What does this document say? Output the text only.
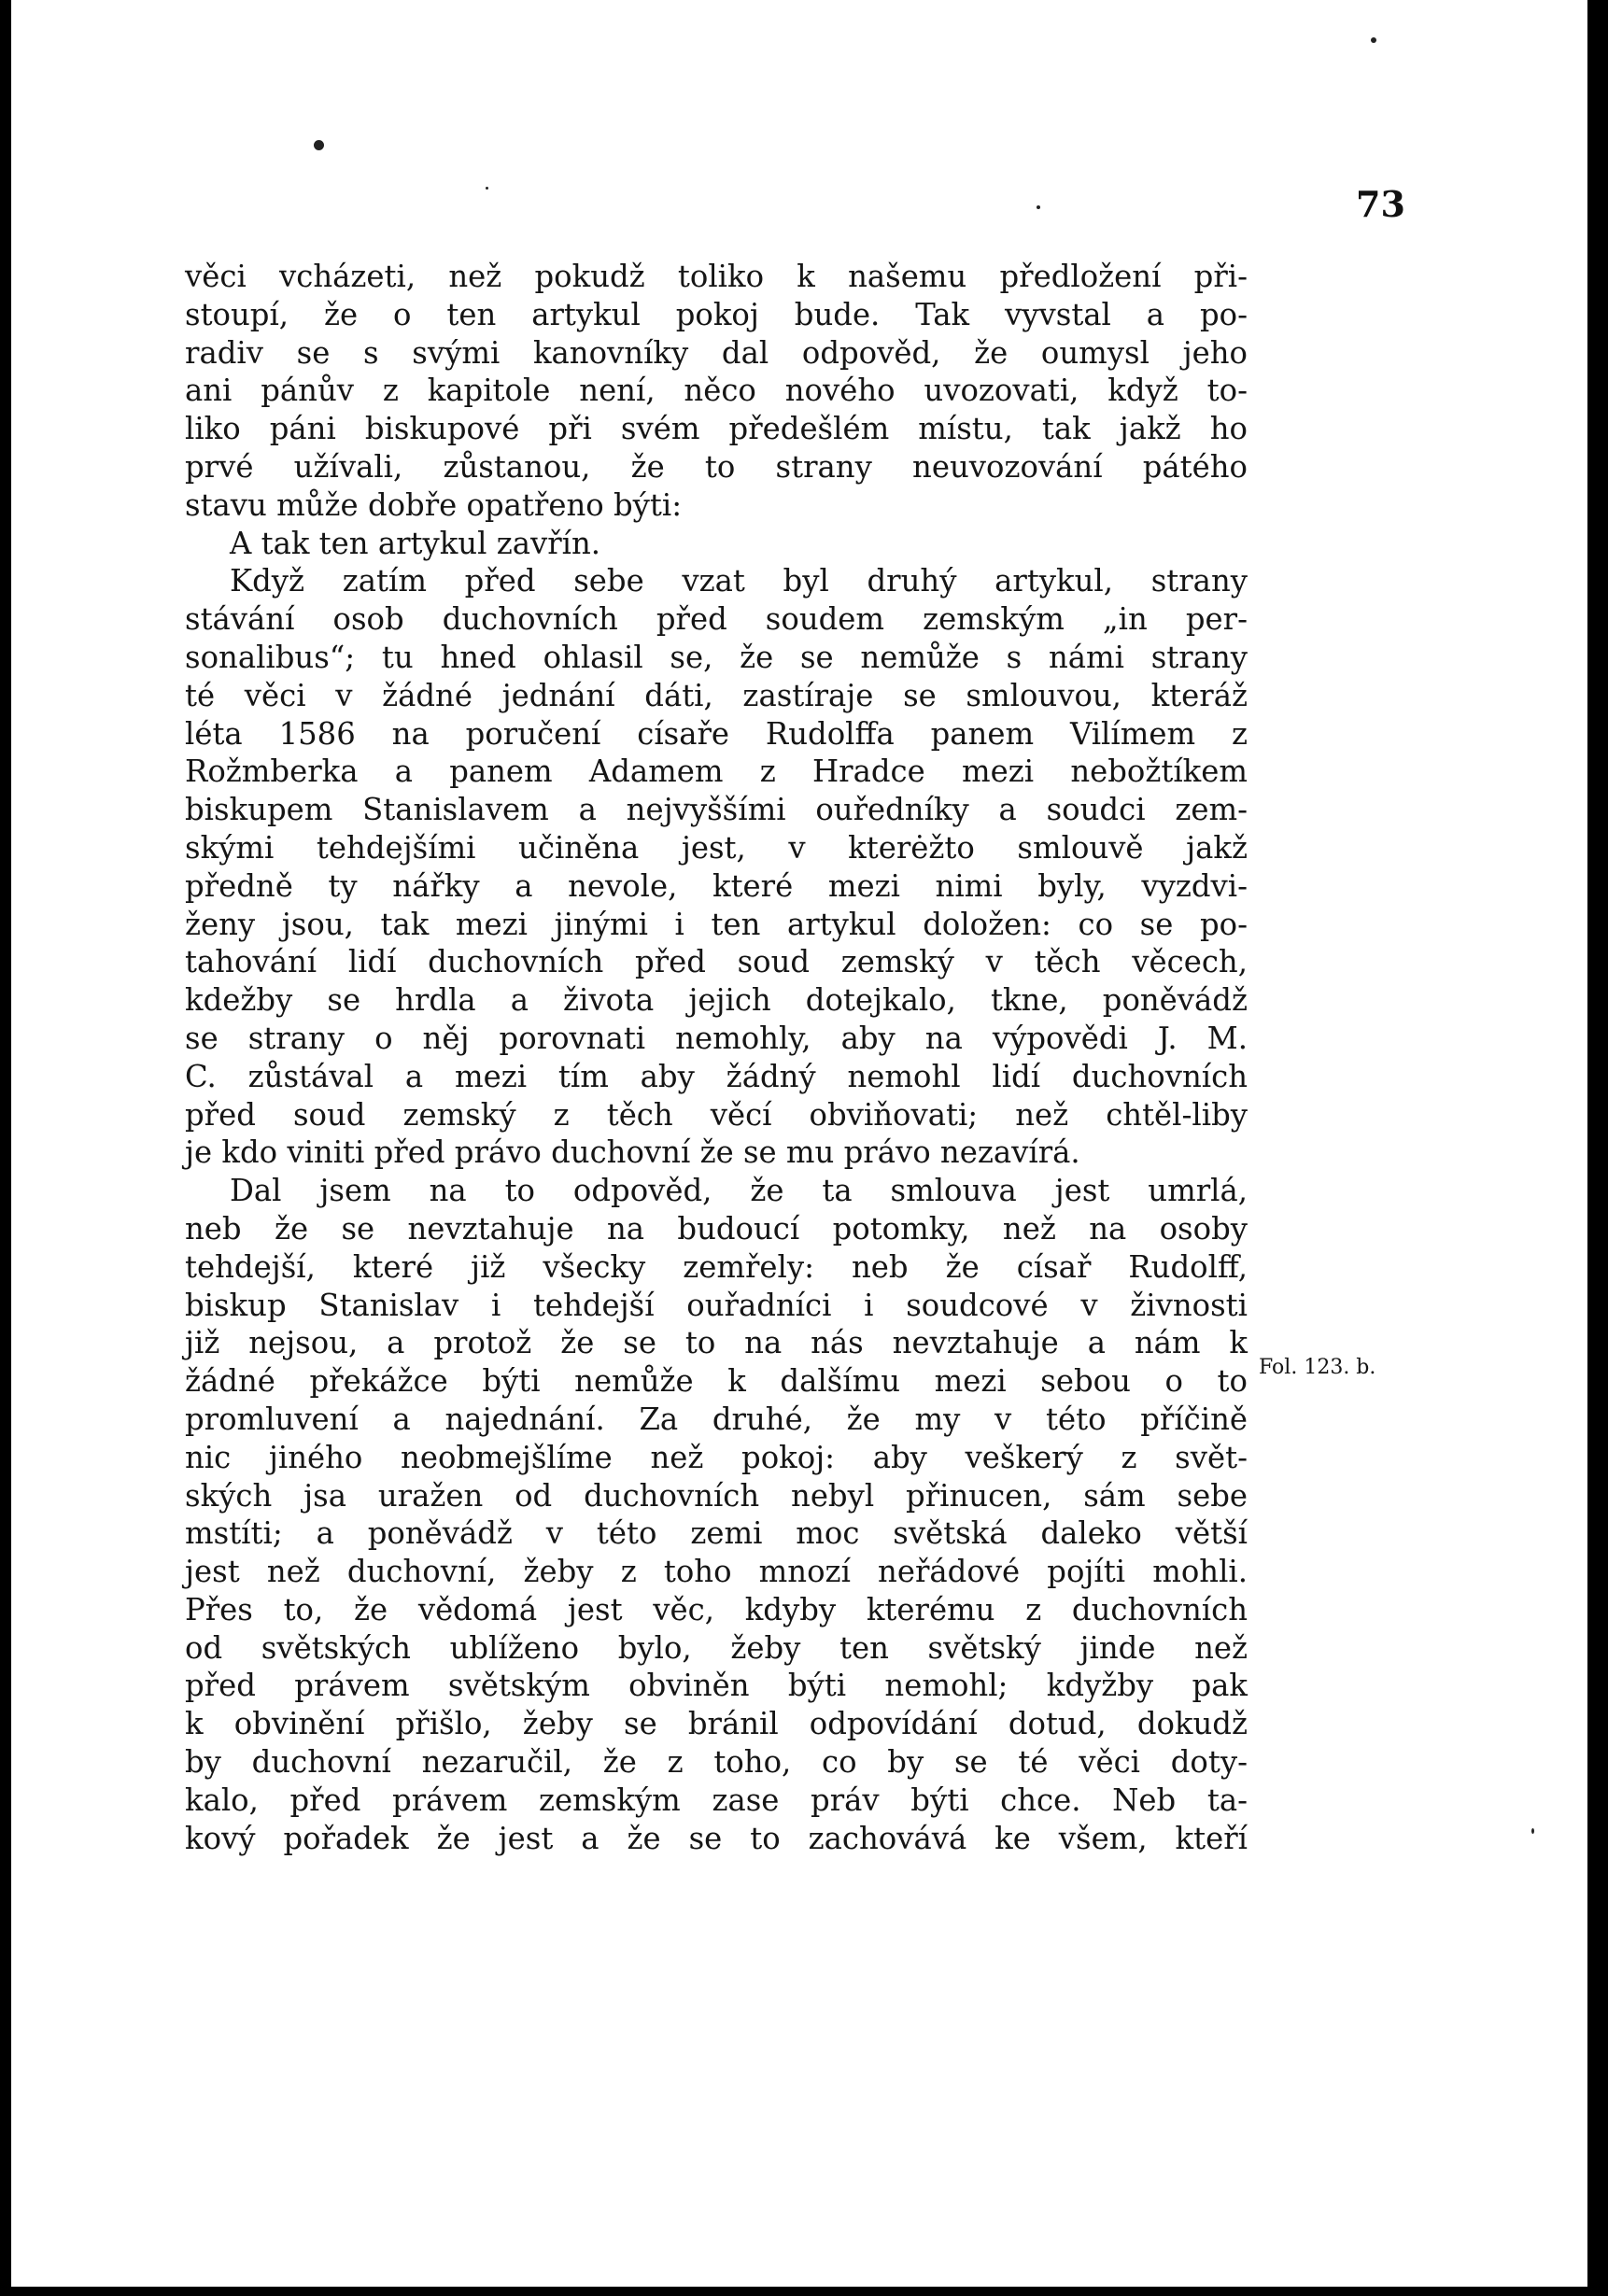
73
věci vcházeti, než pokudž toliko k našemu předložení při-
stoupí, že o ten artykul pokoj bude. Tak vyvstal a po-
radiv se s svými kanovníky dal odpověd, že oumysl jeho
ani pánův z kapitole není, něco nového uvozovati, když to-
liko páni biskupové při svém předešlém místu, tak jakž ho
prvé užívali, zůstanou, že to strany neuvozování pátého
stavu může dobře opatřeno býti:
A tak ten artykul zavřín.
Když zatím před sebe vzat byl druhý artykul, strany
stávání osob duchovních před soudem zemským „in per-
sonalibus“; tu hned ohlasil se, že se nemůže s námi strany
té věci v žádné jednání dáti, zastíraje se smlouvou, kteráž
léta 1586 na poručení císaře Rudolffa panem Vilímem z
Rožmberka a panem Adamem z Hradce mezi nebožtíkem
biskupem Stanislavem a nejvyššími ouředníky a soudci zem-
skými tehdejšími učiněna jest, v kterėžto smlouvě jakž
předně ty nářky a nevole, které mezi nimi byly, vyzdvi-
ženy jsou, tak mezi jinými i ten artykul doložen: co se po-
tahování lidí duchovních před soud zemský v těch věcech,
kdežby se hrdla a života jejich dotejkalo, tkne, poněvádž
se strany o něj porovnati nemohly, aby na výpovědi J. M.
C. zůstával a mezi tím aby žádný nemohl lidí duchovních
před soud zemský z těch věcí obviňovati; než chtěl-liby
je kdo viniti před právo duchovní že se mu právo nezavírá.
Dal jsem na to odpověd, že ta smlouva jest umrlá,
neb že se nevztahuje na budoucí potomky, než na osoby
tehdejší, které již všecky zemřely: neb že císař Rudolff,
biskup Stanislav i tehdejší ouřadníci i soudcové v živnosti
již nejsou, a protož že se to na nás nevztahuje a nám k
žádné překážce býti nemůže k dalšímu mezi sebou o to
promluvení a najednání. Za druhé, že my v této příčině
nic jiného neobmejšlíme než pokoj: aby veškerý z svět-
ských jsa uražen od duchovních nebyl přinucen, sám sebe
mstíti; a poněvádž v této zemi moc světská daleko větší
jest než duchovní, žeby z toho mnozí neřádové pojíti mohli.
Přes to, že vědomá jest věc, kdyby kterému z duchovních
od světských ublíženo bylo, žeby ten světský jinde než
před právem světským obviněn býti nemohl; kdyžby pak
k obvinění přišlo, žeby se bránil odpovídání dotud, dokudž
by duchovní nezaručil, že z toho, co by se té věci doty-
kalo, před právem zemským zase práv býti chce. Neb ta-
kový pořadek že jest a že se to zachovává ke všem, kteří
Fol. 123. b.
